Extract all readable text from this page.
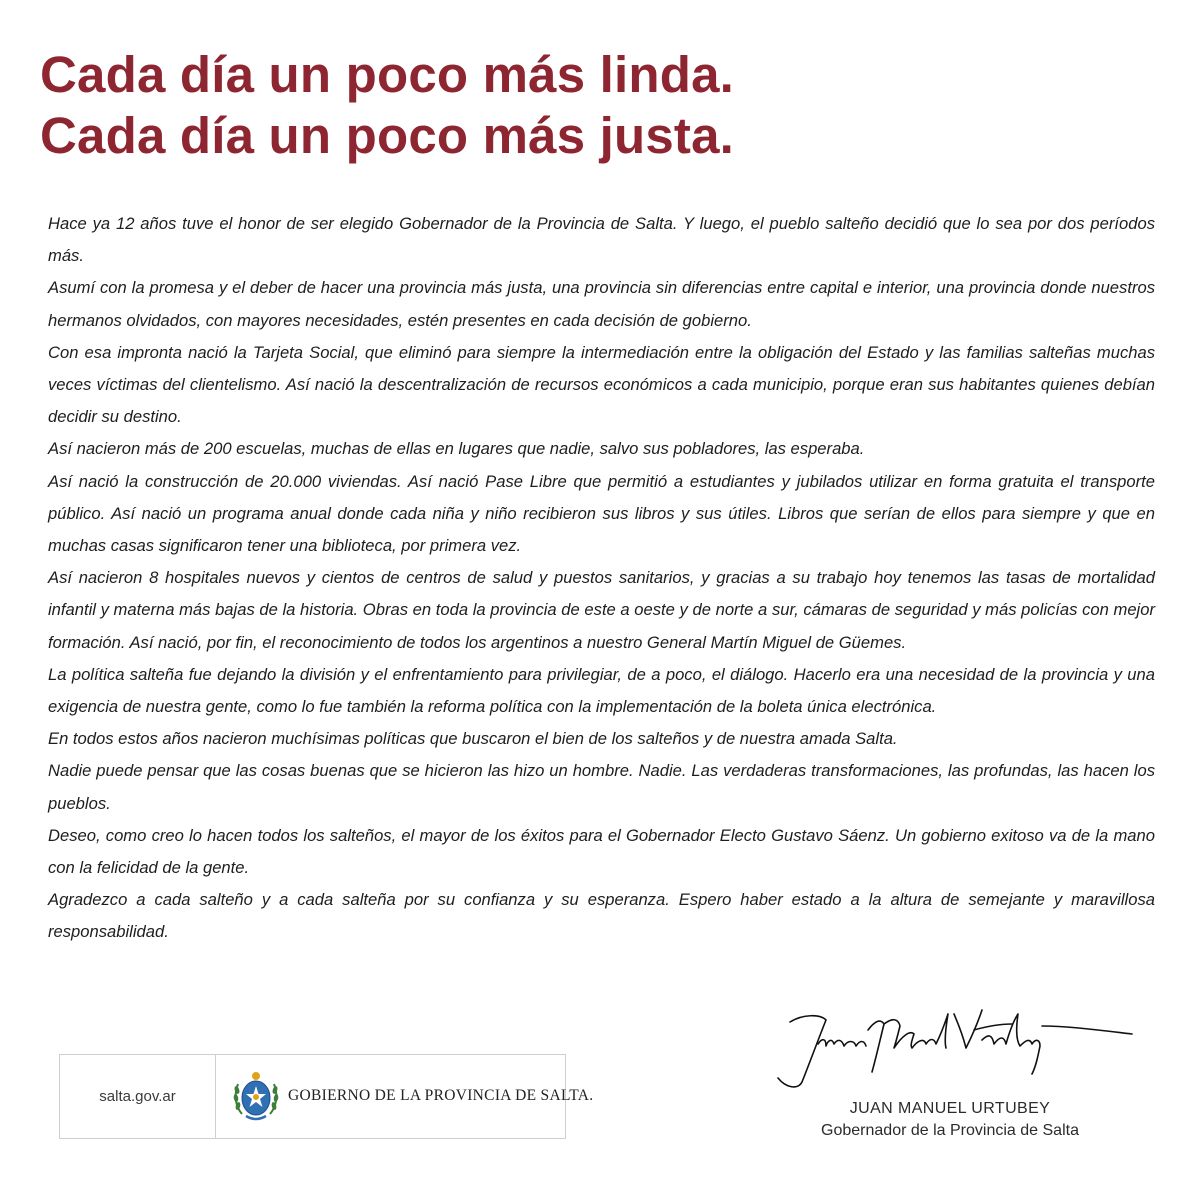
Cada día un poco más linda.
Cada día un poco más justa.

Hace ya 12 años tuve el honor de ser elegido Gobernador de la Provincia de Salta. Y luego, el pueblo salteño decidió que lo sea por dos períodos más.

Asumí con la promesa y el deber de hacer una provincia más justa, una provincia sin diferencias entre capital e interior, una provincia donde nuestros hermanos olvidados, con mayores necesidades, estén presentes en cada decisión de gobierno.

Con esa impronta nació la Tarjeta Social, que eliminó para siempre la intermediación entre la obligación del Estado y las familias salteñas muchas veces víctimas del clientelismo. Así nació la descentralización de recursos económicos a cada municipio, porque eran sus habitantes quienes debían decidir su destino.

Así nacieron más de 200 escuelas, muchas de ellas en lugares que nadie, salvo sus pobladores, las esperaba.

Así nació la construcción de 20.000 viviendas. Así nació Pase Libre que permitió a estudiantes y jubilados utilizar en forma gratuita el transporte público. Así nació un programa anual donde cada niña y niño recibieron sus libros y sus útiles. Libros que serían de ellos para siempre y que en muchas casas significaron tener una biblioteca, por primera vez.

Así nacieron 8 hospitales nuevos y cientos de centros de salud y puestos sanitarios, y gracias a su trabajo hoy tenemos las tasas de mortalidad infantil y materna más bajas de la historia. Obras en toda la provincia de este a oeste y de norte a sur, cámaras de seguridad y más policías con mejor formación. Así nació, por fin, el reconocimiento de todos los argentinos a nuestro General Martín Miguel de Güemes.

La política salteña fue dejando la división y el enfrentamiento para privilegiar, de a poco, el diálogo. Hacerlo era una necesidad de la provincia y una exigencia de nuestra gente, como lo fue también la reforma política con la implementación de la boleta única electrónica.

En todos estos años nacieron muchísimas políticas que buscaron el bien de los salteños y de nuestra amada Salta.

Nadie puede pensar que las cosas buenas que se hicieron las hizo un hombre. Nadie. Las verdaderas transformaciones, las profundas, las hacen los pueblos.

Deseo, como creo lo hacen todos los salteños, el mayor de los éxitos para el Gobernador Electo Gustavo Sáenz. Un gobierno exitoso va de la mano con la felicidad de la gente.

Agradezco a cada salteño y a cada salteña por su confianza y su esperanza. Espero haber estado a la altura de semejante y maravillosa responsabilidad.

salta.gov.ar	GOBIERNO DE LA PROVINCIA DE SALTA.
JUAN MANUEL URTUBEY
Gobernador de la Provincia de Salta
